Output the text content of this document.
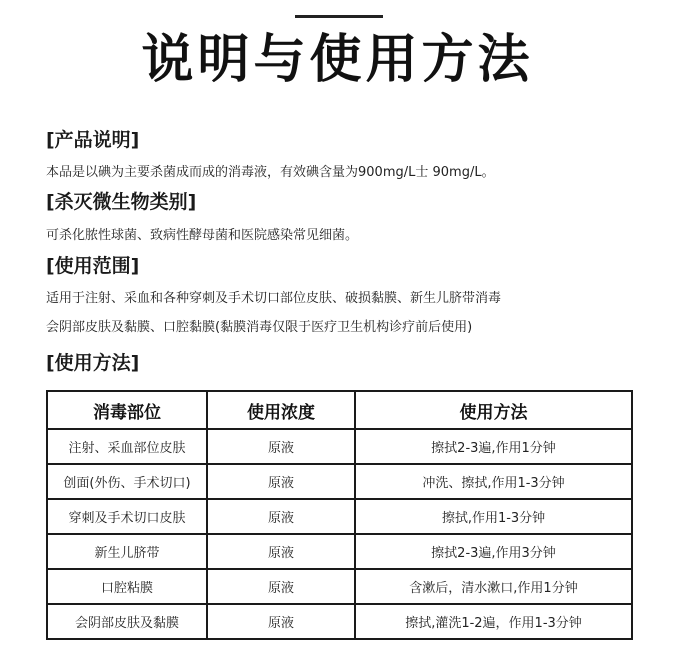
说明与使用方法
[产品说明]
本品是以碘为主要杀菌成而成的消毒液，有效碘含量为900mg/L士 90mg/L。
[杀灭微生物类别]
可杀化脓性球菌、致病性酵母菌和医院感染常见细菌。
[使用范围]
适用于注射、采血和各种穿刺及手术切口部位皮肤、破损黏膜、新生儿脐带消毒
会阴部皮肤及黏膜、口腔黏膜(黏膜消毒仅限于医疗卫生机构诊疗前后使用)
[使用方法]
消毒部位	使用浓度	使用方法
注射、采血部位皮肤	原液	擦拭2-3遍,作用1分钟
创面(外伤、手术切口)	原液	冲洗、擦拭,作用1-3分钟
穿刺及手术切口皮肤	原液	擦拭,作用1-3分钟
新生儿脐带	原液	擦拭2-3遍,作用3分钟
口腔粘膜	原液	含漱后，清水漱口,作用1分钟
会阴部皮肤及黏膜	原液	擦拭,灌洗1-2遍，作用1-3分钟
